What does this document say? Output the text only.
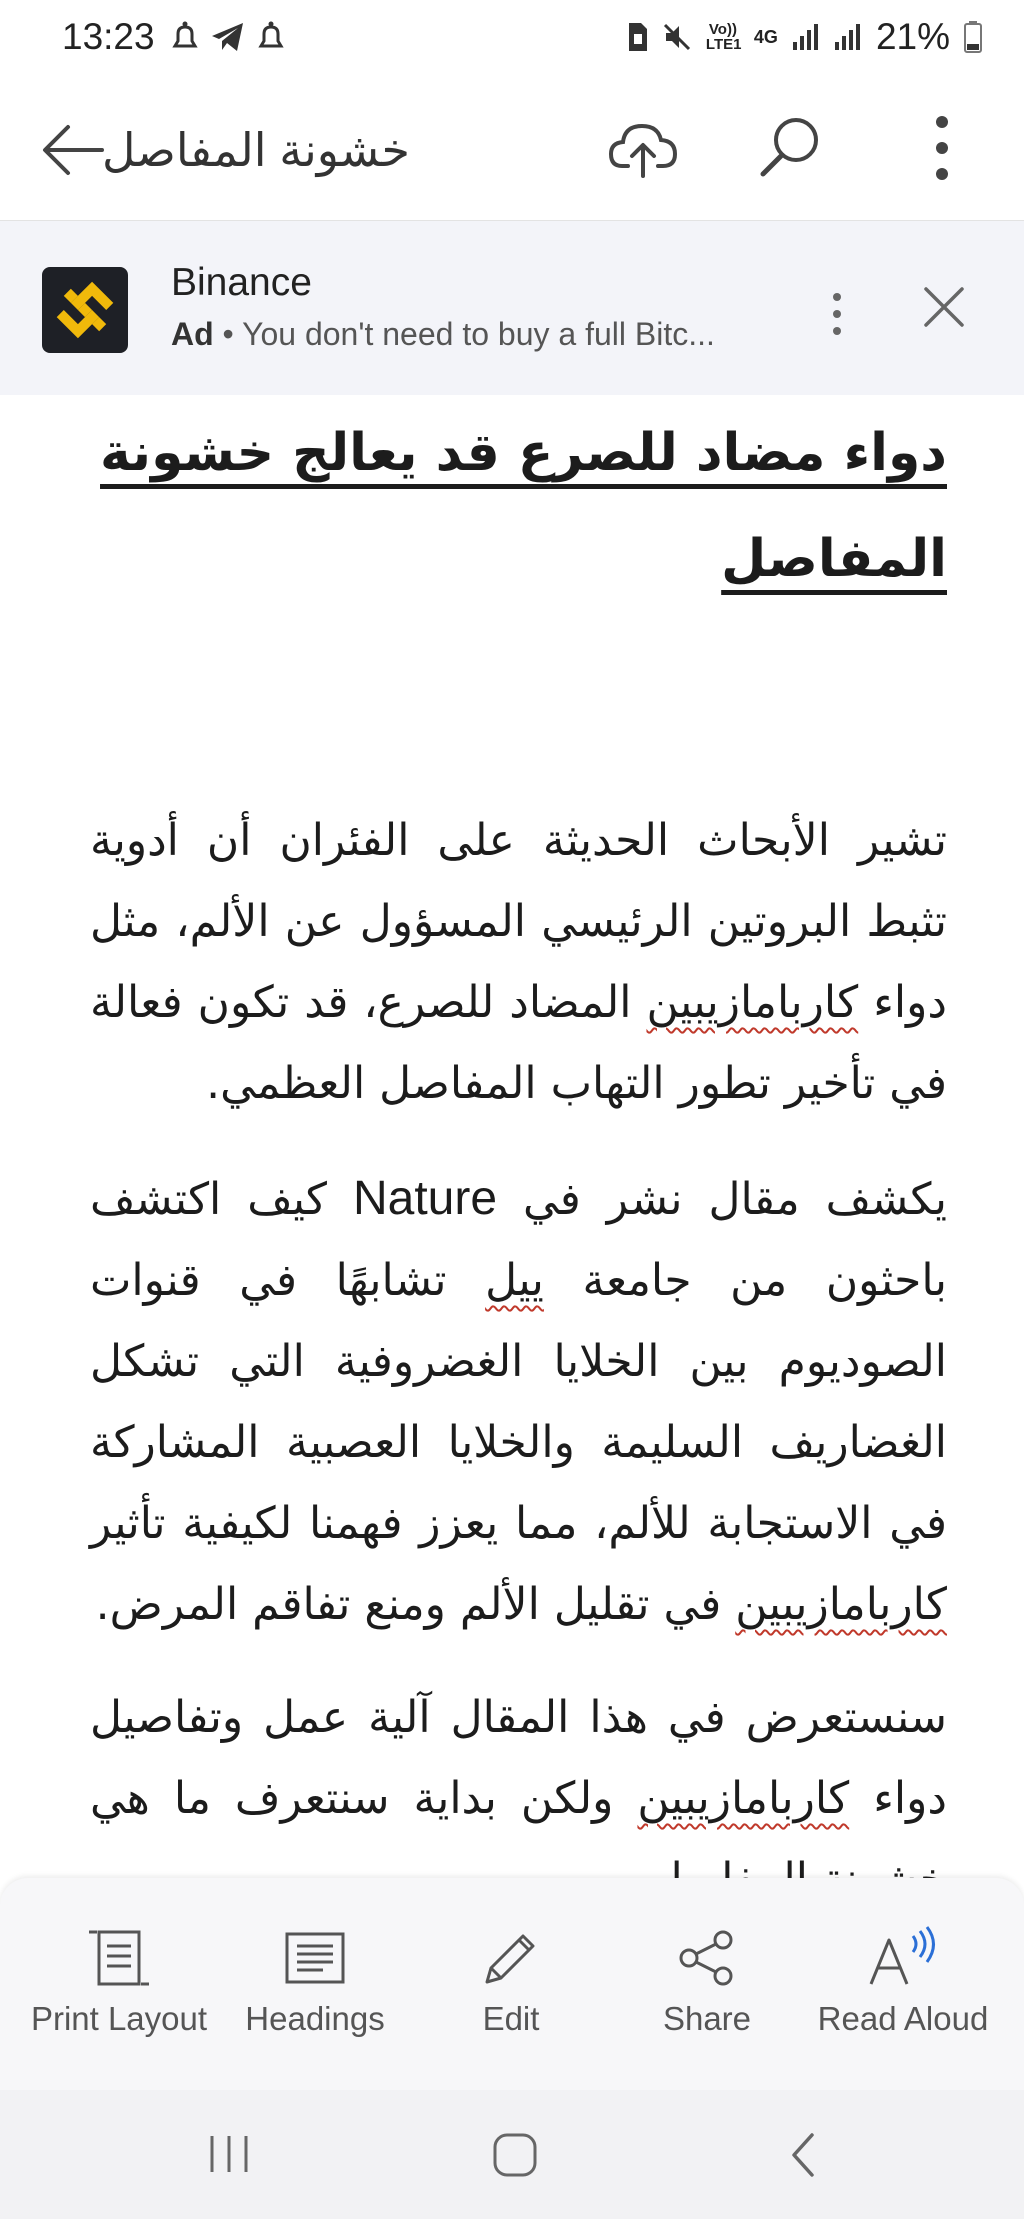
13:23	Vo)) LTE1 4G	21%
خشونة المفاصل
Binance
Ad • You don't need to buy a full Bitc...
دواء مضاد للصرع قد يعالج خشونة المفاصل

تشير الأبحاث الحديثة على الفئران أن أدوية تثبط البروتين الرئيسي المسؤول عن الألم، مثل دواء كاربامازيبين المضاد للصرع، قد تكون فعالة في تأخير تطور التهاب المفاصل العظمي.

يكشف مقال نشر في Nature كيف اكتشف باحثون من جامعة ييل تشابهًا في قنوات الصوديوم بين الخلايا الغضروفية التي تشكل الغضاريف السليمة والخلايا العصبية المشاركة في الاستجابة للألم، مما يعزز فهمنا لكيفية تأثير كاربامازيبين في تقليل الألم ومنع تفاقم المرض.

سنستعرض في هذا المقال آلية عمل وتفاصيل دواء كاربامازيبين ولكن بداية سنتعرف ما هي

Print Layout	Headings	Edit	Share	Read Aloud
